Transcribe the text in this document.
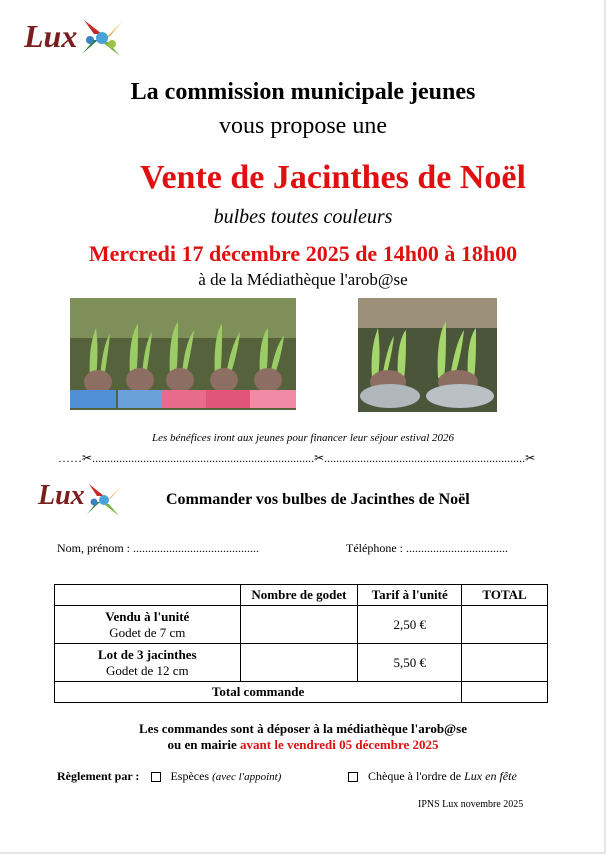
Lux
La commission municipale jeunes
vous propose une
Vente de Jacinthes de Noël
bulbes toutes couleurs
Mercredi 17 décembre 2025 de 14h00 à 18h00
à de la Médiathèque l'arob@se
Les bénéfices iront aux jeunes pour financer leur séjour estival 2026
……✂..........................................................................✂...................................................................✂
Lux	Commander vos bulbes de Jacinthes de Noël
Nom, prénom : ..........................................	Téléphone : ..................................
	Nombre de godet	Tarif à l'unité	TOTAL

Vendu à l'unité
Godet de 7 cm		2,50 €	

Lot de 3 jacinthes
Godet de 12 cm		5,50 €	
Total commande			
Les commandes sont à déposer à la médiathèque l'arob@se
ou en mairie avant le vendredi 05 décembre 2025
Règlement par :	Espèces (avec l'appoint)	Chèque à l'ordre de Lux en fête
IPNS Lux novembre 2025
